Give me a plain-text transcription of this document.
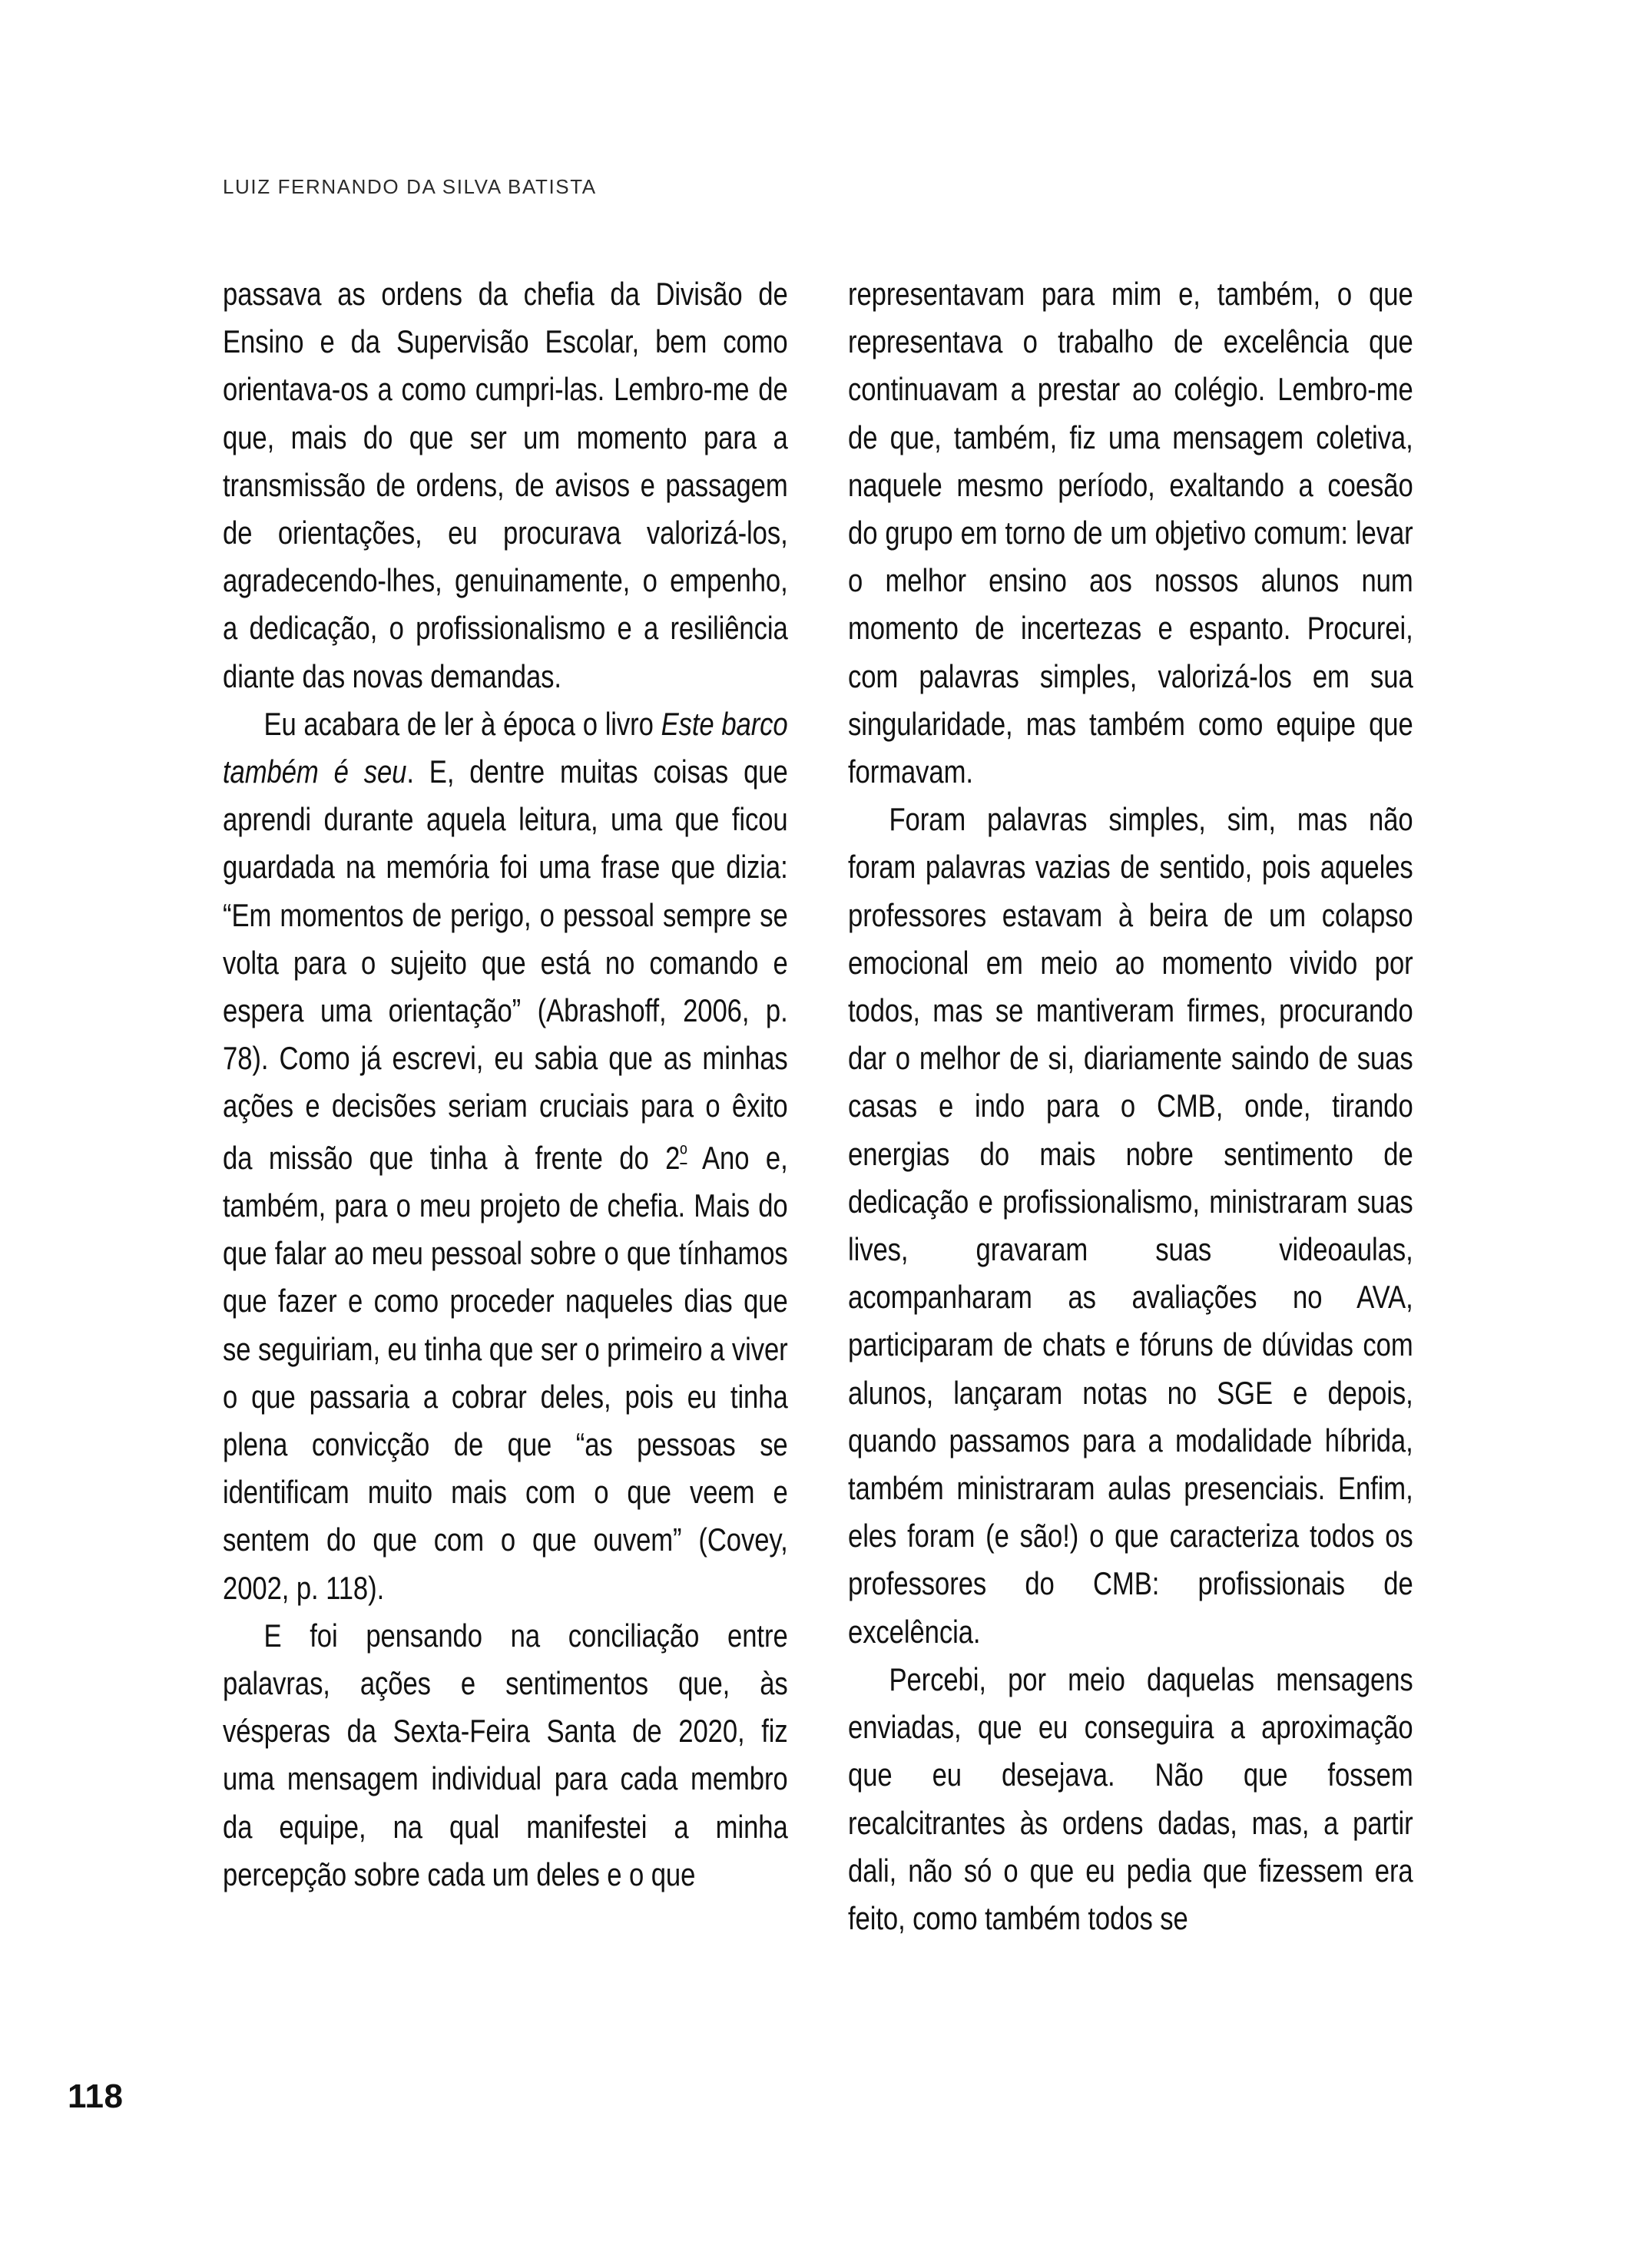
LUIZ FERNANDO DA SILVA BATISTA

passava as ordens da chefia da Divisão de Ensino e da Supervisão Escolar, bem como orientava-os a como cumpri-las. Lembro-me de que, mais do que ser um momento para a transmissão de ordens, de avisos e passagem de orientações, eu procurava valorizá-los, agradecendo-lhes, genuinamente, o empenho, a dedicação, o profissionalismo e a resiliência diante das novas demandas.

Eu acabara de ler à época o livro Este barco também é seu. E, dentre muitas coisas que aprendi durante aquela leitura, uma que ficou guardada na memória foi uma frase que dizia: “Em momentos de perigo, o pessoal sempre se volta para o sujeito que está no comando e espera uma orientação” (Abrashoff, 2006, p. 78). Como já escrevi, eu sabia que as minhas ações e decisões seriam cruciais para o êxito da missão que tinha à frente do $2^º$ Ano e, também, para o meu projeto de chefia. Mais do que falar ao meu pessoal sobre o que tínhamos que fazer e como proceder naqueles dias que se seguiriam, eu tinha que ser o primeiro a viver o que passaria a cobrar deles, pois eu tinha plena convicção de que “as pessoas se identificam muito mais com o que veem e sentem do que com o que ouvem” (Covey, 2002, p. 118).

E foi pensando na conciliação entre palavras, ações e sentimentos que, às vésperas da Sexta-Feira Santa de 2020, fiz uma mensagem individual para cada membro da equipe, na qual manifestei a minha percepção sobre cada um deles e o que

representavam para mim e, também, o que representava o trabalho de excelência que continuavam a prestar ao colégio. Lembro-me de que, também, fiz uma mensagem coletiva, naquele mesmo período, exaltando a coesão do grupo em torno de um objetivo comum: levar o melhor ensino aos nossos alunos num momento de incertezas e espanto. Procurei, com palavras simples, valorizá-los em sua singularidade, mas também como equipe que formavam.

Foram palavras simples, sim, mas não foram palavras vazias de sentido, pois aqueles professores estavam à beira de um colapso emocional em meio ao momento vivido por todos, mas se mantiveram firmes, procurando dar o melhor de si, diariamente saindo de suas casas e indo para o CMB, onde, tirando energias do mais nobre sentimento de dedicação e profissionalismo, ministraram suas lives, gravaram suas videoaulas, acompanharam as avaliações no AVA, participaram de chats e fóruns de dúvidas com alunos, lançaram notas no SGE e depois, quando passamos para a modalidade híbrida, também ministraram aulas presenciais. Enfim, eles foram (e são!) o que caracteriza todos os professores do CMB: profissionais de excelência.

Percebi, por meio daquelas mensagens enviadas, que eu conseguira a aproximação que eu desejava. Não que fossem recalcitrantes às ordens dadas, mas, a partir dali, não só o que eu pedia que fizessem era feito, como também todos se

118
